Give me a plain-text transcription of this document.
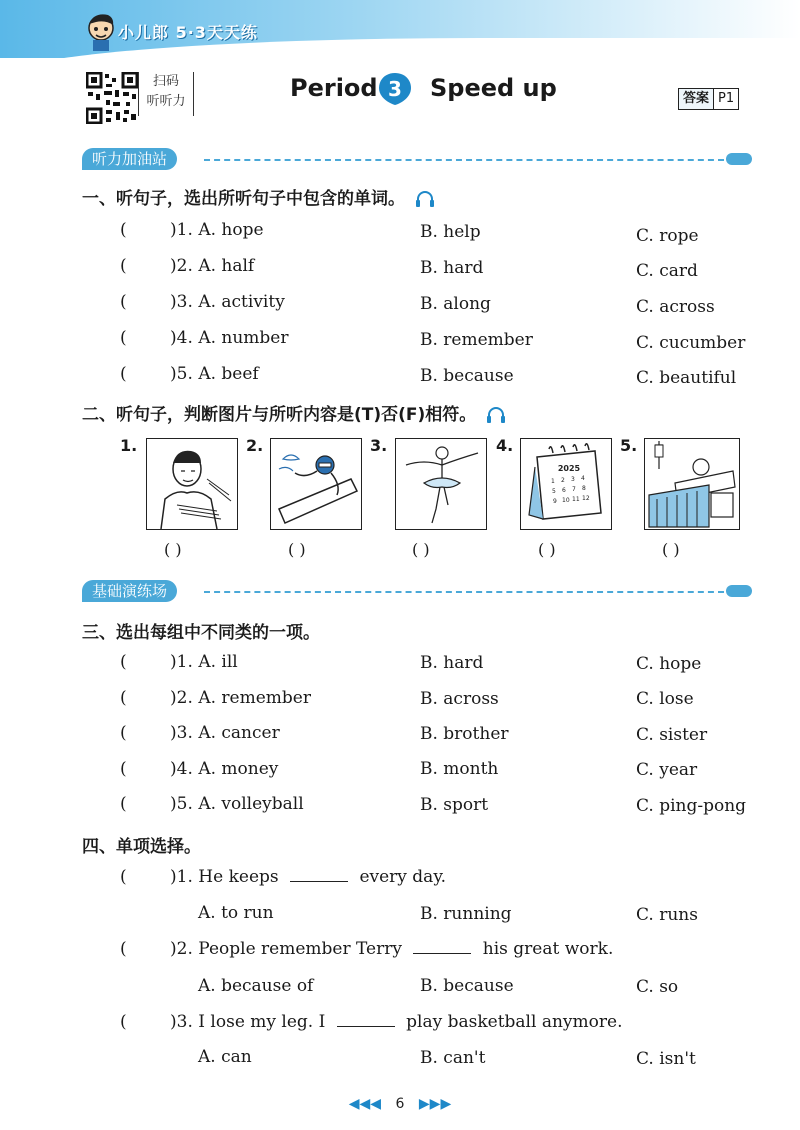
小儿郎 5·3天天练
扫码
听听力	Period 3 Speed up	答案 P1
听力加油站
一、听句子，选出所听句子中包含的单词。
(	)1. A. hope	B. help	C. rope
(	)2. A. half	B. hard	C. card
(	)3. A. activity	B. along	C. across
(	)4. A. number	B. remember	C. cucumber
(	)5. A. beef	B. because	C. beautiful
二、听句子，判断图片与所听内容是(T)否(F)相符。
1.
( )
2.
( )
3.
( )
4.
2025
1 2 3 4
5 6 7 8
9 10 11 12
( )
5.
( )
基础演练场
三、选出每组中不同类的一项。
(	)1. A. ill	B. hard	C. hope
(	)2. A. remember	B. across	C. lose
(	)3. A. cancer	B. brother	C. sister
(	)4. A. money	B. month	C. year
(	)5. A. volleyball	B. sport	C. ping-pong
四、单项选择。
(	)1. He keeps	every day.
A. to run	B. running	C. runs
(	)2. People remember Terry	his great work.
A. because of	B. because	C. so
(	)3. I lose my leg. I	play basketball anymore.
A. can	B. can't	C. isn't
◀◀◀ 6 ▶▶▶
